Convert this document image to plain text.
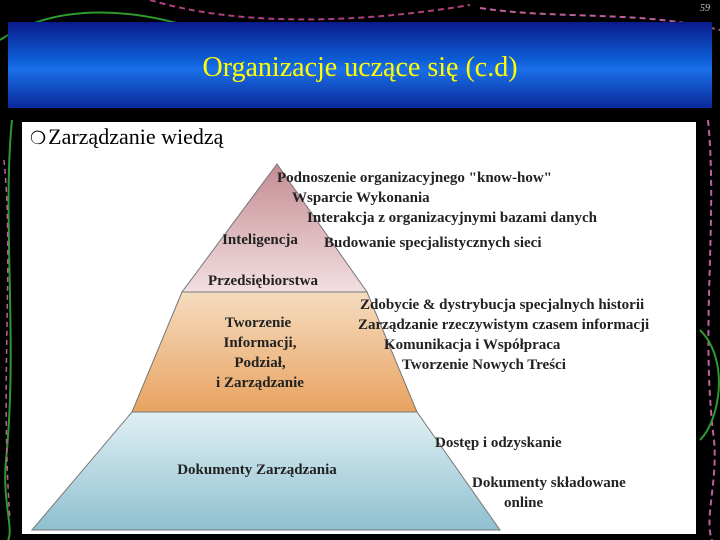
59
Organizacje uczące się (c.d)
❍Zarządzanie wiedzą
Inteligencja
Przedsiębiorstwa
Tworzenie
Informacji,
Podział,
i Zarządzanie
Dokumenty Zarządzania
Podnoszenie organizacyjnego "know-how"
Wsparcie Wykonania
Interakcja z organizacyjnymi bazami danych
Budowanie specjalistycznych sieci
Zdobycie & dystrybucja specjalnych historii
Zarządzanie rzeczywistym czasem informacji
Komunikacja i Współpraca
Tworzenie Nowych Treści
Dostęp i odzyskanie
Dokumenty składowane
online
